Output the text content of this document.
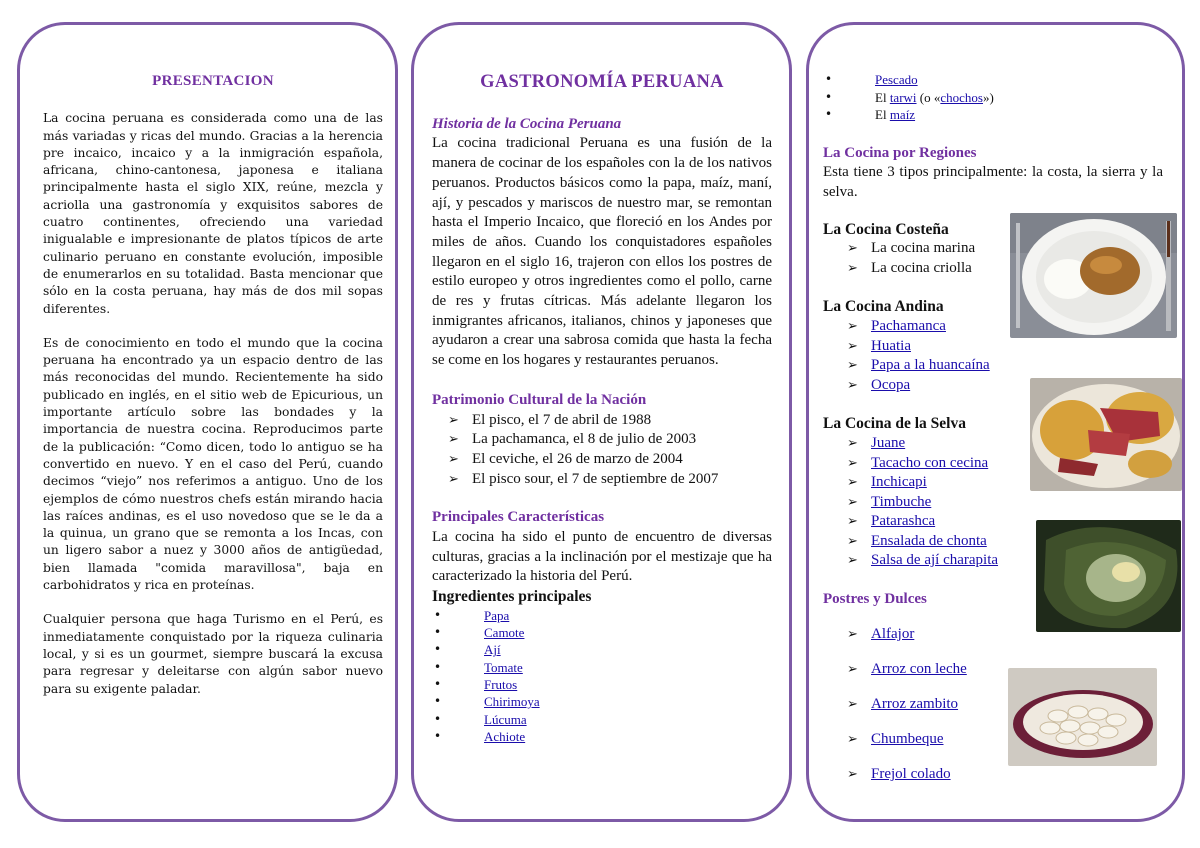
PRESENTACION

La cocina peruana es considerada como una de las más variadas y ricas del mundo. Gracias a la herencia pre incaico, incaico y a la inmigración española, africana, chino-cantonesa, japonesa e italiana principalmente hasta el siglo XIX, reúne, mezcla y acriolla una gastronomía y exquisitos sabores de cuatro continentes, ofreciendo una variedad inigualable e impresionante de platos típicos de arte culinario peruano en constante evolución, imposible de enumerarlos en su totalidad. Basta mencionar que sólo en la costa peruana, hay más de dos mil sopas diferentes.

Es de conocimiento en todo el mundo que la cocina peruana ha encontrado ya un espacio dentro de las más reconocidas del mundo. Recientemente ha sido publicado en inglés, en el sitio web de Epicurious, un importante artículo sobre las bondades y la importancia de nuestra cocina. Reproducimos parte de la publicación: “Como dicen, todo lo antiguo se ha convertido en nuevo. Y en el caso del Perú, cuando decimos “viejo” nos referimos a antiguo. Uno de los ejemplos de cómo nuestros chefs están mirando hacia las raíces andinas, es el uso novedoso que se le da a la quinua, un grano que se remonta a los Incas, con un ligero sabor a nuez y 3000 años de antigüedad, bien llamada "comida maravillosa", baja en carbohidratos y rica en proteínas.

Cualquier persona que haga Turismo en el Perú, es inmediatamente conquistado por la riqueza culinaria local, y si es un gourmet, siempre buscará la excusa para regresar y deleitarse con algún sabor nuevo para su exigente paladar.

GASTRONOMÍA PERUANA
Historia de la Cocina Peruana

La cocina tradicional Peruana es una fusión de la manera de cocinar de los españoles con la de los nativos peruanos. Productos básicos como la papa, maíz, maní, ají, y pescados y mariscos de nuestro mar, se remontan hasta el Imperio Incaico, que floreció en los Andes por miles de años. Cuando los conquistadores españoles llegaron en el siglo 16, trajeron con ellos los postres de estilo europeo y otros ingredientes como el pollo, carne de res y frutas cítricas. Más adelante llegaron los inmigrantes africanos, italianos, chinos y japoneses que ayudaron a crear una sabrosa comida que hasta la fecha se come en los hogares y restaurantes peruanos.

Patrimonio Cultural de la Nación
➢ El pisco, el 7 de abril de 1988
➢ La pachamanca, el 8 de julio de 2003
➢ El ceviche, el 26 de marzo de 2004
➢ El pisco sour, el 7 de septiembre de 2007
Principales Características

La cocina ha sido el punto de encuentro de diversas culturas, gracias a la inclinación por el mestizaje que ha caracterizado la historia del Perú.

Ingredientes principales
• Papa
• Camote
• Ají
• Tomate
• Frutos
• Chirimoya
• Lúcuma
• Achiote
• Pescado
• El tarwi (o «chochos»)
• El maíz
La Cocina por Regiones

Esta tiene 3 tipos principalmente: la costa, la sierra y la selva.

La Cocina Costeña
➢ La cocina marina
➢ La cocina criolla
La Cocina Andina
➢ Pachamanca
➢ Huatia
➢ Papa a la huancaína
➢ Ocopa
La Cocina de la Selva
➢ Juane
➢ Tacacho con cecina
➢ Inchicapi
➢ Timbuche
➢ Patarashca
➢ Ensalada de chonta
➢ Salsa de ají charapita
Postres y Dulces
➢ Alfajor
➢ Arroz con leche
➢ Arroz zambito
➢ Chumbeque
➢ Frejol colado
